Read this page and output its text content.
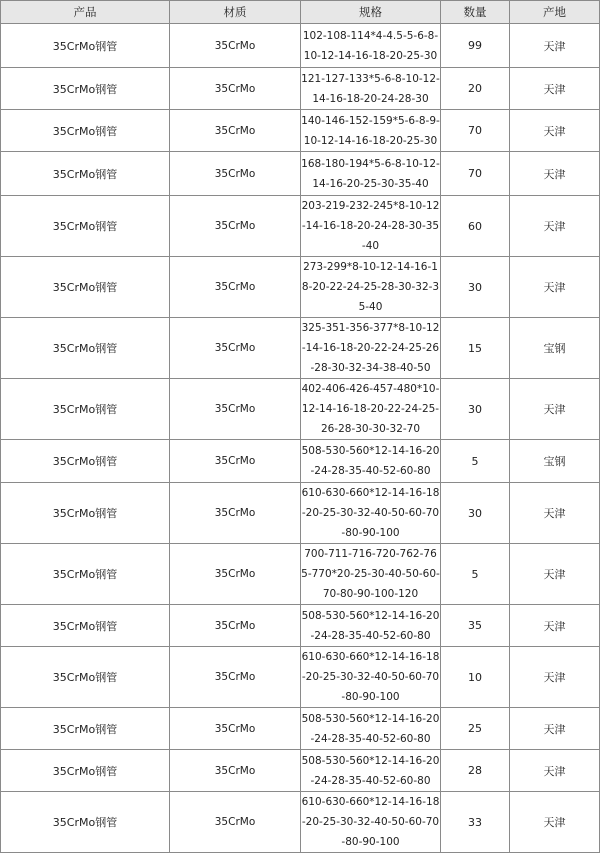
产品	材质	规格	数量	产地
35CrMo钢管	35CrMo	102-108-114*4-4.5-5-6-8-10-12-14-16-18-20-25-30	99	天津
35CrMo钢管	35CrMo	121-127-133*5-6-8-10-12-14-16-18-20-24-28-30	20	天津
35CrMo钢管	35CrMo	140-146-152-159*5-6-8-9-10-12-14-16-18-20-25-30	70	天津
35CrMo钢管	35CrMo	168-180-194*5-6-8-10-12-14-16-20-25-30-35-40	70	天津
35CrMo钢管	35CrMo	203-219-232-245*8-10-12-14-16-18-20-24-28-30-35-40	60	天津
35CrMo钢管	35CrMo	273-299*8-10-12-14-16-18-20-22-24-25-28-30-32-35-40	30	天津
35CrMo钢管	35CrMo	325-351-356-377*8-10-12-14-16-18-20-22-24-25-26-28-30-32-34-38-40-50	15	宝钢
35CrMo钢管	35CrMo	402-406-426-457-480*10-12-14-16-18-20-22-24-25-26-28-30-30-32-70	30	天津
35CrMo钢管	35CrMo	508-530-560*12-14-16-20-24-28-35-40-52-60-80	5	宝钢
35CrMo钢管	35CrMo	610-630-660*12-14-16-18-20-25-30-32-40-50-60-70-80-90-100	30	天津
35CrMo钢管	35CrMo	700-711-716-720-762-765-770*20-25-30-40-50-60-70-80-90-100-120	5	天津
35CrMo钢管	35CrMo	508-530-560*12-14-16-20-24-28-35-40-52-60-80	35	天津
35CrMo钢管	35CrMo	610-630-660*12-14-16-18-20-25-30-32-40-50-60-70-80-90-100	10	天津
35CrMo钢管	35CrMo	508-530-560*12-14-16-20-24-28-35-40-52-60-80	25	天津
35CrMo钢管	35CrMo	508-530-560*12-14-16-20-24-28-35-40-52-60-80	28	天津
35CrMo钢管	35CrMo	610-630-660*12-14-16-18-20-25-30-32-40-50-60-70-80-90-100	33	天津
